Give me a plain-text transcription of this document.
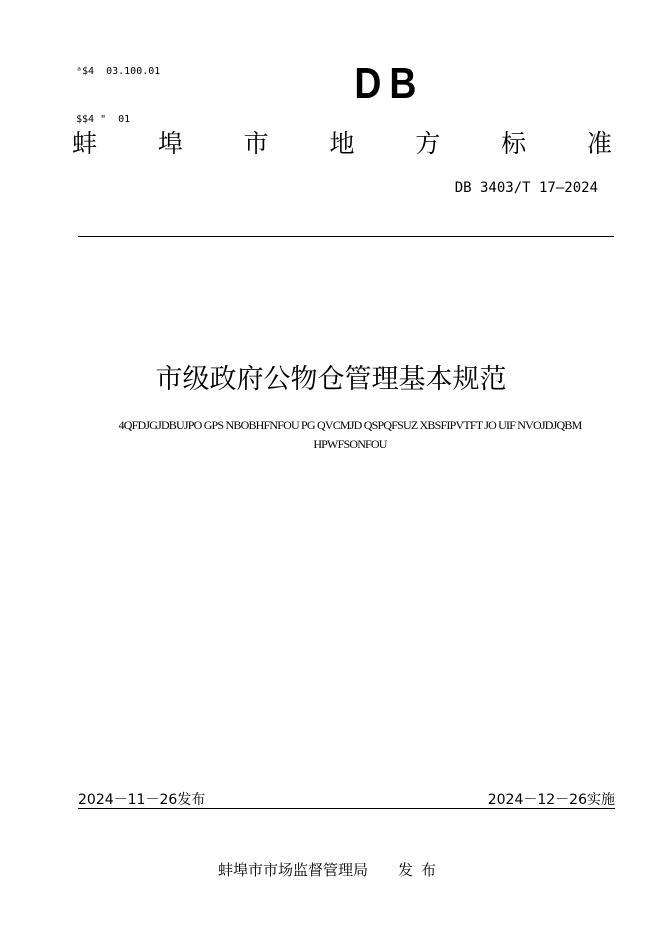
ᵃ$4  03.100.01

$$4 "  01

D B
蚌 埠 市 地 方 标 准
DB 3403/T 17—2024
市级政府公物仓管理基本规范
4QFDJGJDBUJPO GPS NBOBHFNFOU PG QVCMJD QSPQFSUZ XBSFIPVTFT JO UIF NVOJDJQBM
HPWFSONFOU
2024－11－26发布	2024－12－26实施
蚌埠市市场监督管理局 发布
